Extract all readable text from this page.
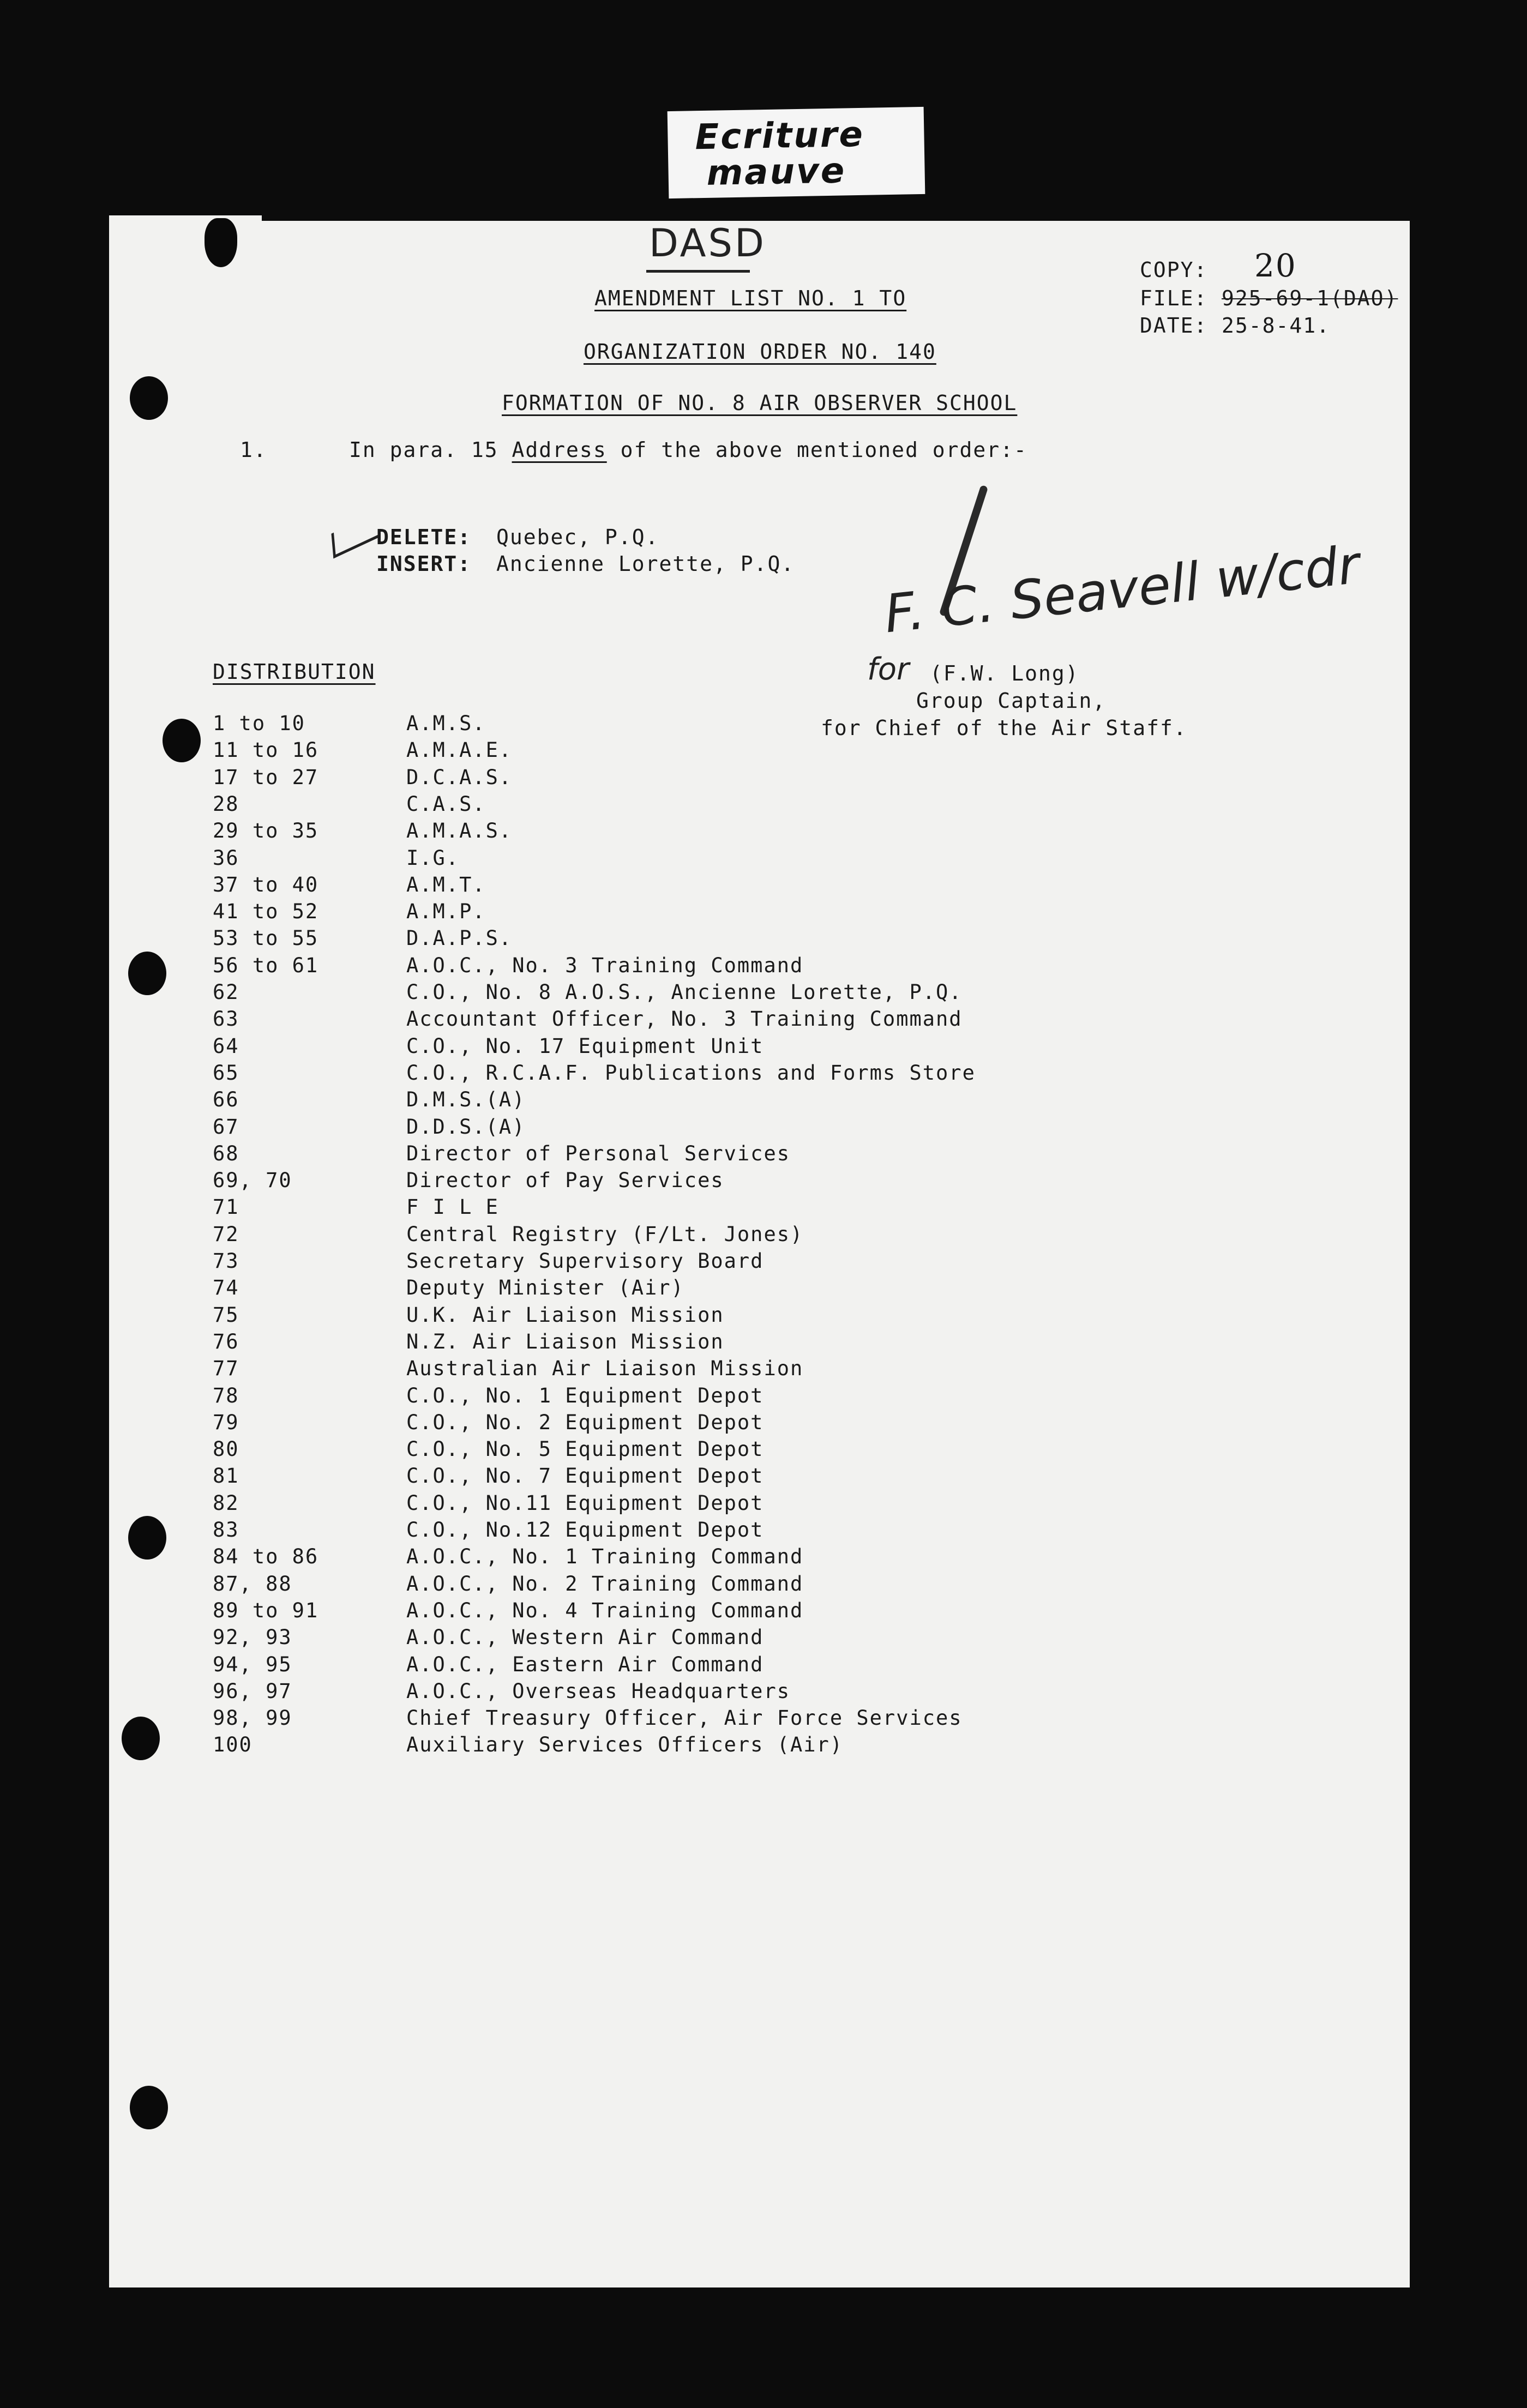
Ecriture
mauve
DASD
COPY: 20
FILE: 925-69-1(DAO)
DATE: 25-8-41.
AMENDMENT LIST NO. 1 TO
ORGANIZATION ORDER NO. 140
FORMATION OF NO. 8 AIR OBSERVER SCHOOL
1.	In para. 15 Address of the above mentioned order:-
DELETE: Quebec, P.Q.
INSERT: Ancienne Lorette, P.Q. F. C. Seavell w/cdr
for (F.W. Long)
Group Captain,
for Chief of the Air Staff.
DISTRIBUTION
1 to 10	A.M.S.
11 to 16	A.M.A.E.
17 to 27	D.C.A.S.
28	C.A.S.
29 to 35	A.M.A.S.
36	I.G.
37 to 40	A.M.T.
41 to 52	A.M.P.
53 to 55	D.A.P.S.
56 to 61	A.O.C., No. 3 Training Command
62	C.O., No. 8 A.O.S., Ancienne Lorette, P.Q.
63	Accountant Officer, No. 3 Training Command
64	C.O., No. 17 Equipment Unit
65	C.O., R.C.A.F. Publications and Forms Store
66	D.M.S.(A)
67	D.D.S.(A)
68	Director of Personal Services
69, 70	Director of Pay Services
71	F I L E
72	Central Registry (F/Lt. Jones)
73	Secretary Supervisory Board
74	Deputy Minister (Air)
75	U.K. Air Liaison Mission
76	N.Z. Air Liaison Mission
77	Australian Air Liaison Mission
78	C.O., No. 1 Equipment Depot
79	C.O., No. 2 Equipment Depot
80	C.O., No. 5 Equipment Depot
81	C.O., No. 7 Equipment Depot
82	C.O., No.11 Equipment Depot
83	C.O., No.12 Equipment Depot
84 to 86	A.O.C., No. 1 Training Command
87, 88	A.O.C., No. 2 Training Command
89 to 91	A.O.C., No. 4 Training Command
92, 93	A.O.C., Western Air Command
94, 95	A.O.C., Eastern Air Command
96, 97	A.O.C., Overseas Headquarters
98, 99	Chief Treasury Officer, Air Force Services
100	Auxiliary Services Officers (Air)
